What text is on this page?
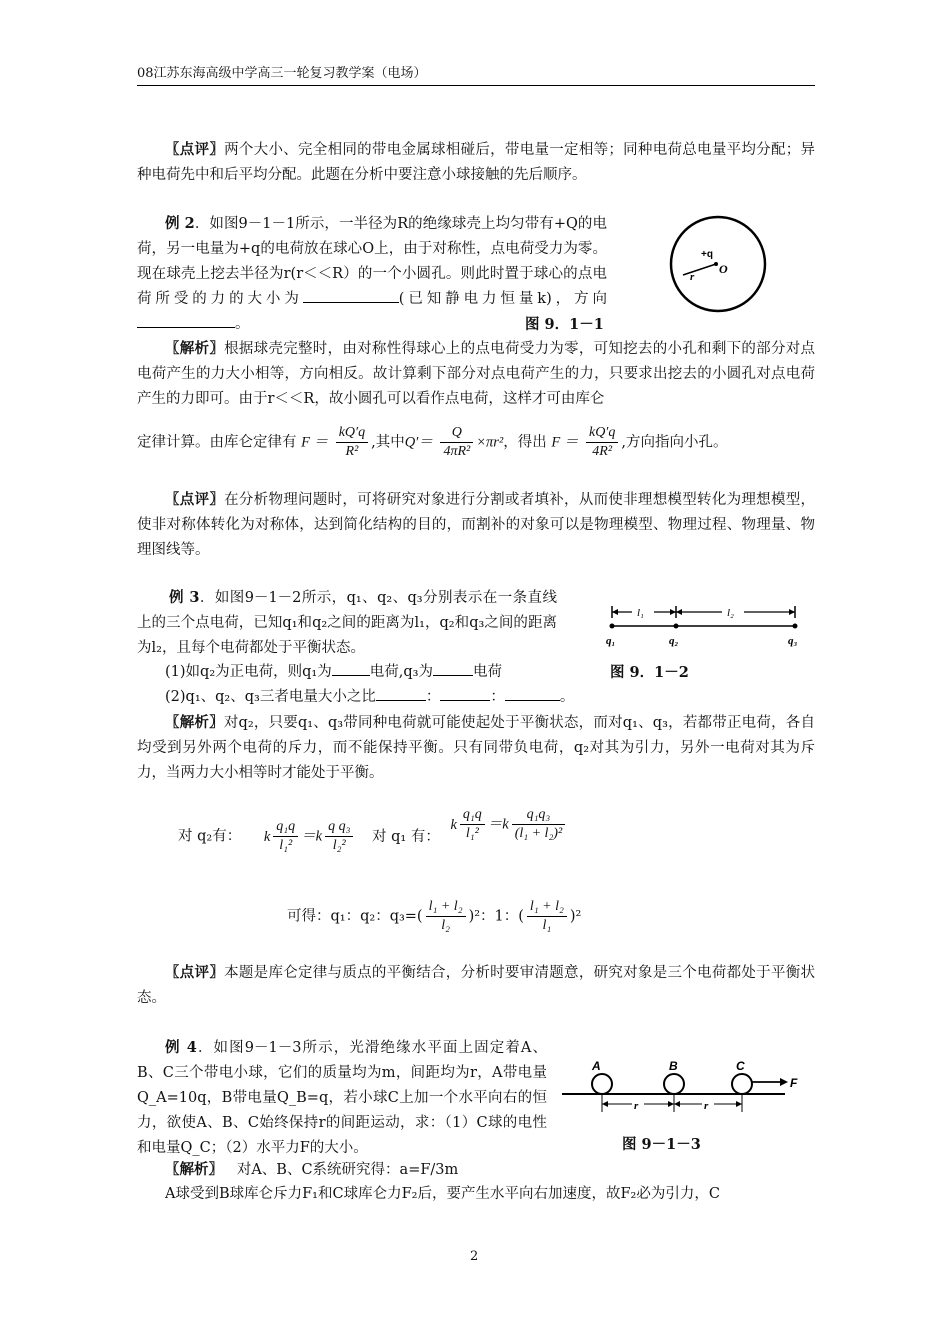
08江苏东海高级中学高三一轮复习教学案（电场）
〖点评〗两个大小、完全相同的带电金属球相碰后，带电量一定相等；同种电荷总电量平均分配；异种电荷先中和后平均分配。此题在分析中要注意小球接触的先后顺序。
例 2．如图9－1－1所示，一半径为R的绝缘球壳上均匀带有+Q的电荷，另一电量为+q的电荷放在球心O上，由于对称性，点电荷受力为零。现在球壳上挖去半径为r(r＜＜R）的一个小圆孔。则此时置于球心的点电荷所受的力的大小为	(已知静电力恒量k)，方向。
+q
r
O
图 9．1－1
〖解析〗根据球壳完整时，由对称性得球心上的点电荷受力为零，可知挖去的小孔和剩下的部分对点电荷产生的力大小相等，方向相反。故计算剩下部分对点电荷产生的力，只要求出挖去的小圆孔对点电荷产生的力即可。由于r＜＜R，故小圆孔可以看作点电荷，这样才可由库仑
定律计算。由库仑定律有 $F = \frac{kQ'q}{\text{R²}}$ ,其中$Q'= \frac{Q}{\text{4πR²}} \times\pi r^2$，得出 $F = \frac{kQ'q}{\text{4R²}}$ ,方向指向小孔。
〖点评〗在分析物理问题时，可将研究对象进行分割或者填补，从而使非理想模型转化为理想模型，使非对称体转化为对称体，达到简化结构的目的，而割补的对象可以是物理模型、物理过程、物理量、物理图线等。
例 3．如图9－1－2所示，q₁、q₂、q₃分别表示在一条直线上的三个点电荷，已知q₁和q₂之间的距离为l₁，q₂和q₃之间的距离为l₂，且每个电荷都处于平衡状态。
(1)如q₂为正电荷，则q₁为	电荷,q₃为	电荷
(2)q₁、q₂、q₃三者电量大小之比	：	：	。
l₁	l₂
q₁	q₂	q₃
图 9．1－2
〖解析〗对q₂，只要q₁、q₃带同种电荷就可能使起处于平衡状态，而对q₁、q₃，若都带正电荷，各自均受到另外两个电荷的斥力，而不能保持平衡。只有同带负电荷，q₂对其为引力，另外一电荷对其为斥力，当两力大小相等时才能处于平衡。
对 q₂有： k $\frac{\text{q₁q}}{\text{l₁²}} =k \frac{\text{q q₃}}{\text{l₂²}}$ 对 q₁ 有： k $\frac{\text{q₁q}}{\text{l₁²}} =k \frac{\text{q₁q₃}}{\text{(l₁ + l₂)²}}$
可得：q₁：q₂：$q_3=( \frac{\text{l₁ + l₂}}{\text{l₂}} )^2$：1：( $\frac{\text{l₁ + l₂}}{\text{l₁}} )^2$
〖点评〗本题是库仑定律与质点的平衡结合，分析时要审清题意，研究对象是三个电荷都处于平衡状态。
例 4．如图9－1－3所示，光滑绝缘水平面上固定着A、B、C三个带电小球，它们的质量均为m，间距均为r，A带电量Q_A=10q，B带电量Q_B=q，若小球C上加一个水平向右的恒力，欲使A、B、C始终保持r的间距运动，求：（1）C球的电性和电量Q_C；（2）水平力F的大小。
A	B	C
F
r	r
图 9－1－3
〖解析〗 对A、B、C系统研究得：a=F/3m
A球受到B球库仑斥力F₁和C球库仑力F₂后，要产生水平向右加速度，故F₂必为引力，C
2
